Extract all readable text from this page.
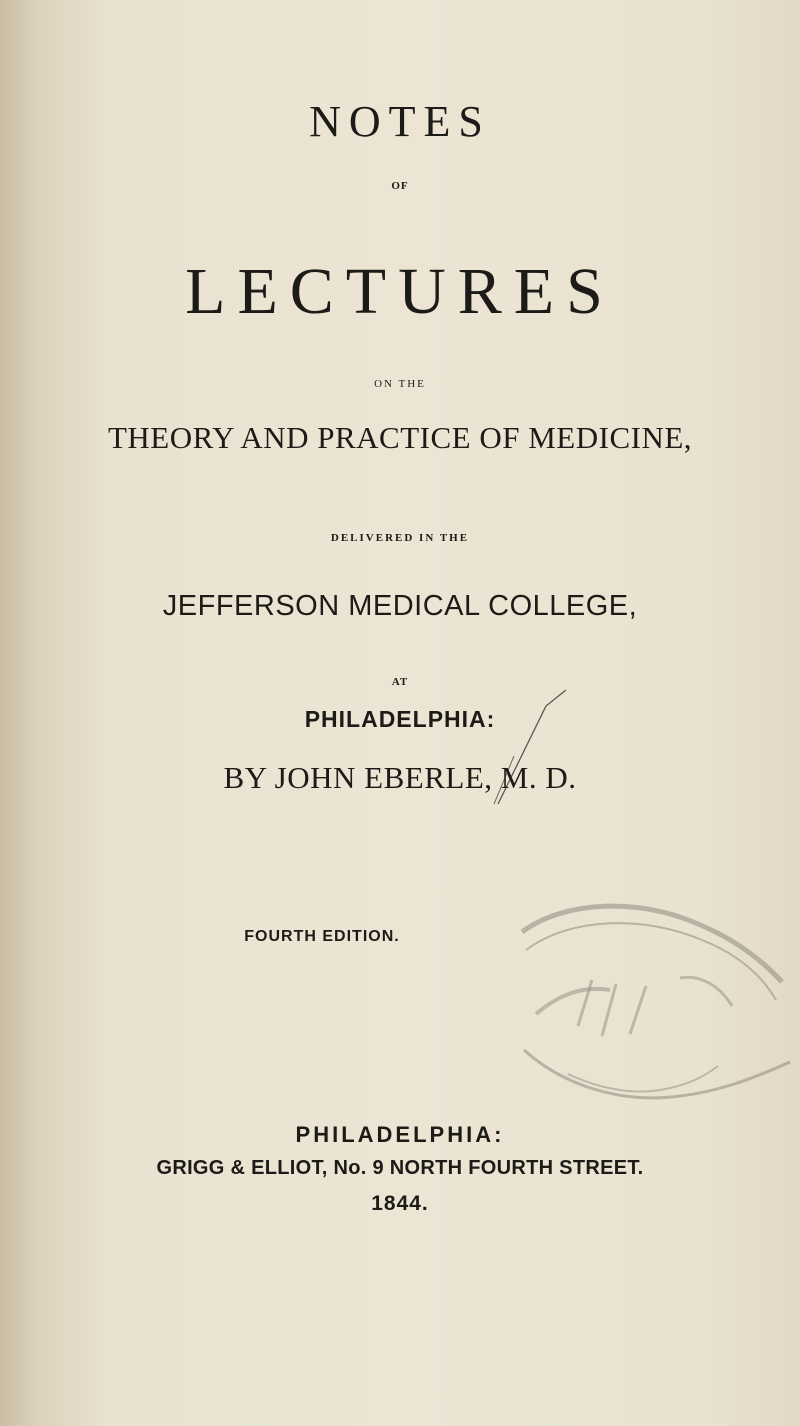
NOTES
OF
LECTURES
ON THE
THEORY AND PRACTICE OF MEDICINE,
DELIVERED IN THE
JEFFERSON MEDICAL COLLEGE,
AT
PHILADELPHIA:
BY JOHN EBERLE, M. D.
FOURTH EDITION.
PHILADELPHIA:
GRIGG & ELLIOT, No. 9 NORTH FOURTH STREET.
1844.
